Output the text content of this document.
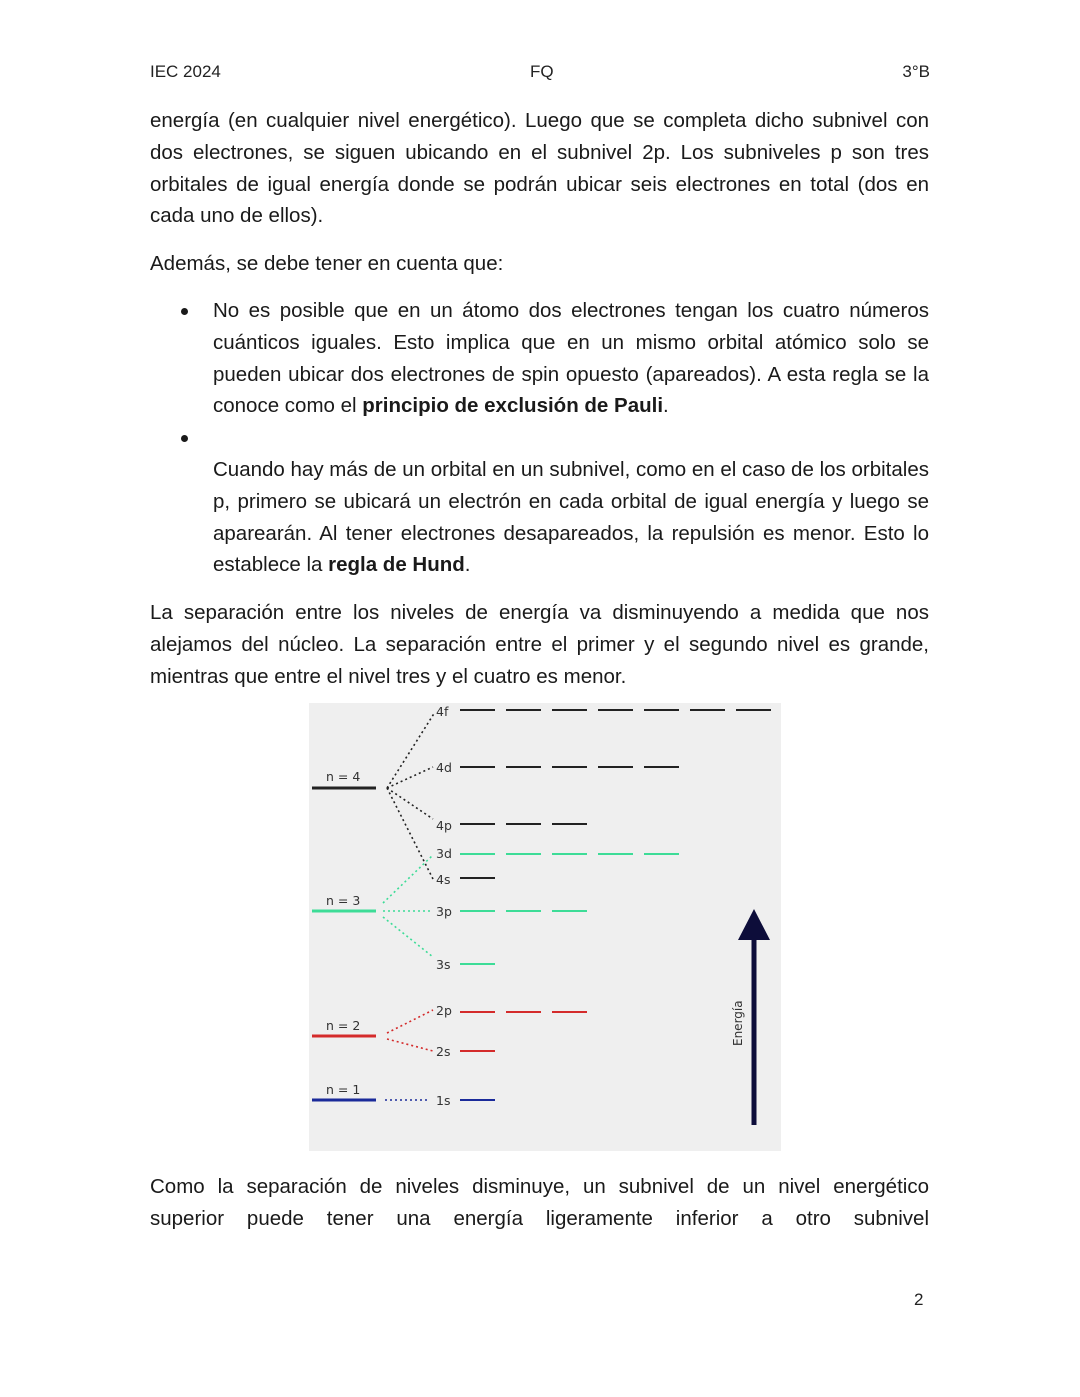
IEC 2024	FQ	3°B

energía (en cualquier nivel energético). Luego que se completa dicho subnivel con dos electrones, se siguen ubicando en el subnivel 2p. Los subniveles p son tres orbitales de igual energía donde se podrán ubicar seis electrones en total (dos en cada uno de ellos).

Además, se debe tener en cuenta que:

No es posible que en un átomo dos electrones tengan los cuatro números cuánticos iguales. Esto implica que en un mismo orbital atómico solo se pueden ubicar dos electrones de spin opuesto (apareados). A esta regla se la conoce como el principio de exclusión de Pauli.
Cuando hay más de un orbital en un subnivel, como en el caso de los orbitales p, primero se ubicará un electrón en cada orbital de igual energía y luego se aparearán. Al tener electrones desapareados, la repulsión es menor. Esto lo establece la regla de Hund.

La separación entre los niveles de energía va disminuyendo a medida que nos alejamos del núcleo. La separación entre el primer y el segundo nivel es grande, mientras que entre el nivel tres y el cuatro es menor.

n = 4
n = 3
n = 2
n = 1
4f
4d
4p
3d
4s
3p
3s
2p
2s
1s
Energía

Como la separación de niveles disminuye, un subnivel de un nivel energético superior puede tener una energía ligeramente inferior a otro subnivel

2
